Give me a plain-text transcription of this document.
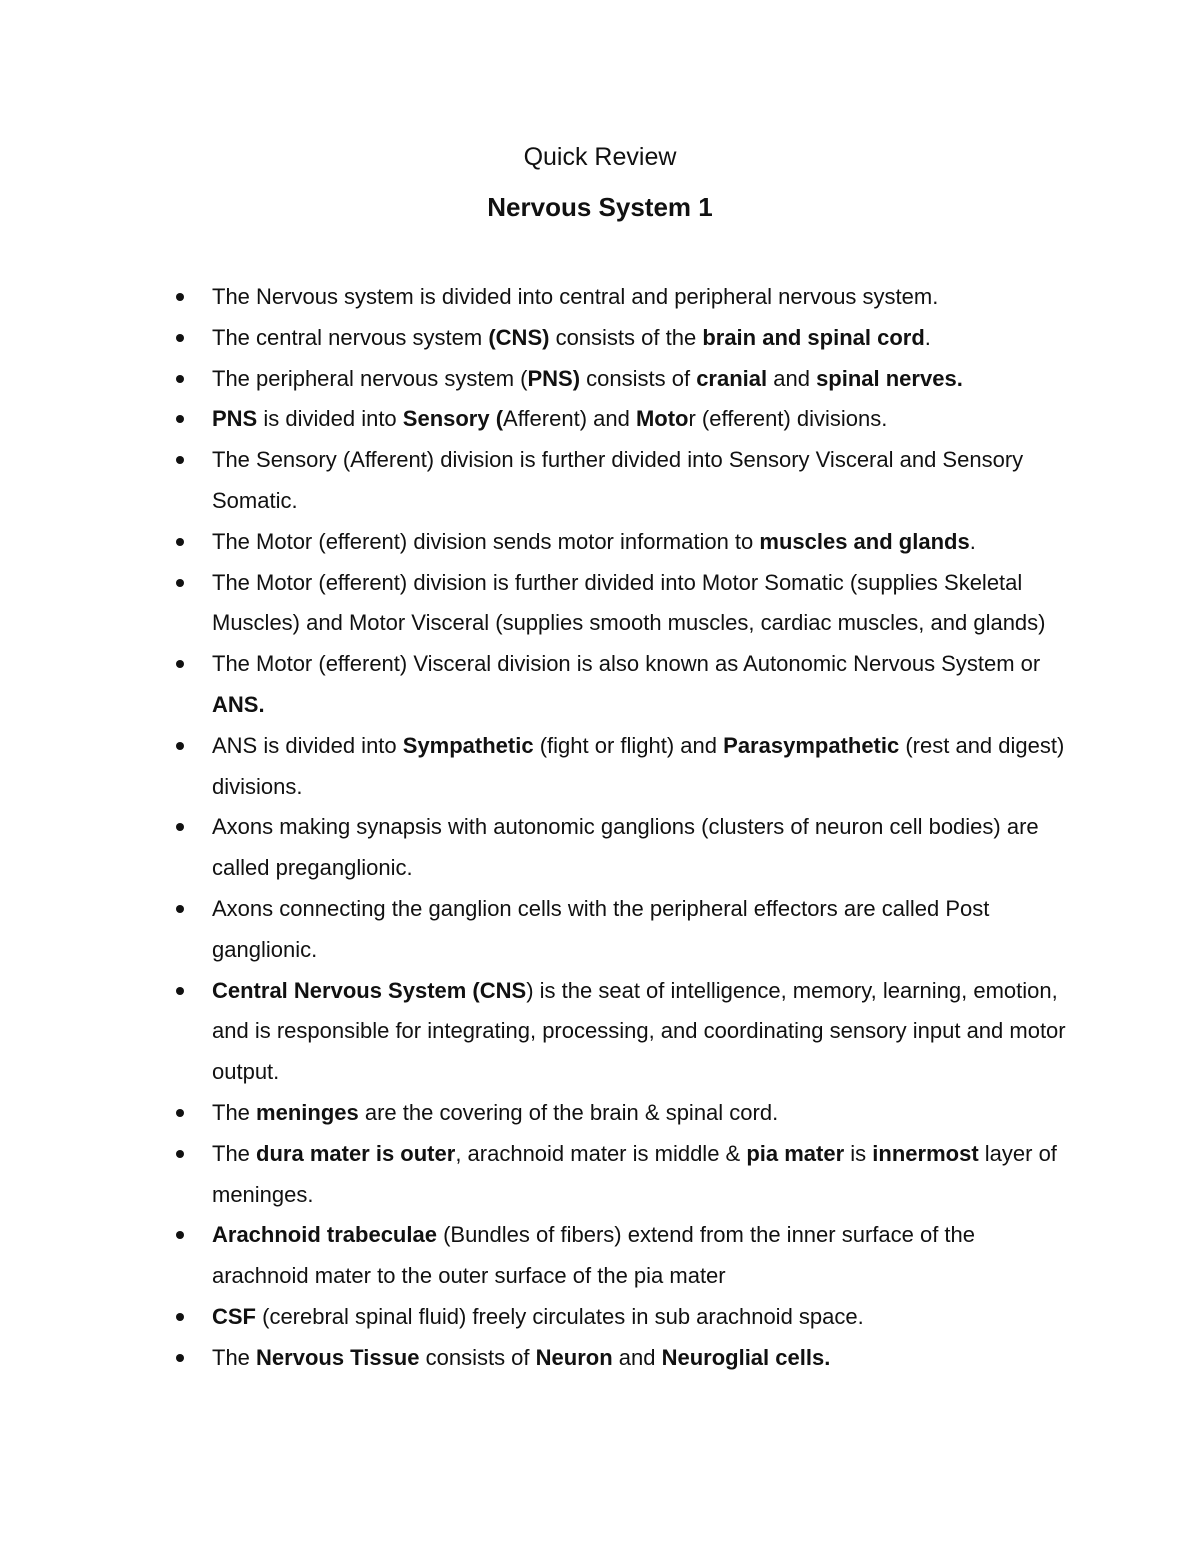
Quick Review
Nervous System 1
The Nervous system is divided into central and peripheral nervous system.
The central nervous system (CNS) consists of the brain and spinal cord.
The peripheral nervous system (PNS) consists of cranial and spinal nerves.
PNS is divided into Sensory (Afferent) and Motor (efferent) divisions.
The Sensory (Afferent) division is further divided into Sensory Visceral and Sensory Somatic.
The Motor (efferent) division sends motor information to muscles and glands.
The Motor (efferent) division is further divided into Motor Somatic (supplies Skeletal Muscles) and Motor Visceral (supplies smooth muscles, cardiac muscles, and glands)
The Motor (efferent) Visceral division is also known as Autonomic Nervous System or ANS.
ANS is divided into Sympathetic (fight or flight) and Parasympathetic (rest and digest) divisions.
Axons making synapsis with autonomic ganglions (clusters of neuron cell bodies) are called preganglionic.
Axons connecting the ganglion cells with the peripheral effectors are called Post ganglionic.
Central Nervous System (CNS) is the seat of intelligence, memory, learning, emotion, and is responsible for integrating, processing, and coordinating sensory input and motor output.
The meninges are the covering of the brain & spinal cord.
The dura mater is outer, arachnoid mater is middle & pia mater is innermost layer of meninges.
Arachnoid trabeculae (Bundles of fibers) extend from the inner surface of the arachnoid mater to the outer surface of the pia mater
CSF (cerebral spinal fluid) freely circulates in sub arachnoid space.
The Nervous Tissue consists of Neuron and Neuroglial cells.
